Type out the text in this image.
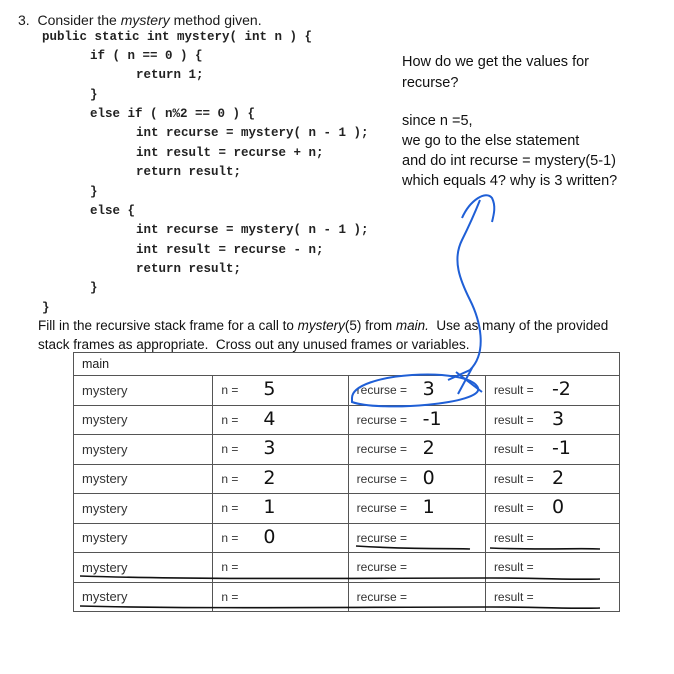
3. Consider the mystery method given.
public static int mystery( int n ) {
if ( n == 0 ) {
return 1;
}
else if ( n%2 == 0 ) {
int recurse = mystery( n - 1 );
int result = recurse + n;
return result;
}
else {
int recurse = mystery( n - 1 );
int result = recurse - n;
return result;
}
}
How do we get the values for
recurse?
since n =5,
we go to the else statement
and do int recurse = mystery(5-1)
which equals 4? why is 3 written?
Fill in the recursive stack frame for a call to mystery(5) from main.  Use as many of the provided
stack frames as appropriate.  Cross out any unused frames or variables.
main			
mystery	n = 5	recurse = 3	result = -2

mystery	n = 4	recurse = -1	result = 3

mystery	n = 3	recurse = 2	result = -1

mystery	n = 2	recurse = 0	result = 2

mystery	n = 1	recurse = 1	result = 0

mystery	n = 0	recurse =	result =

mystery	n =	recurse =	result =

mystery	n =	recurse =	result =
